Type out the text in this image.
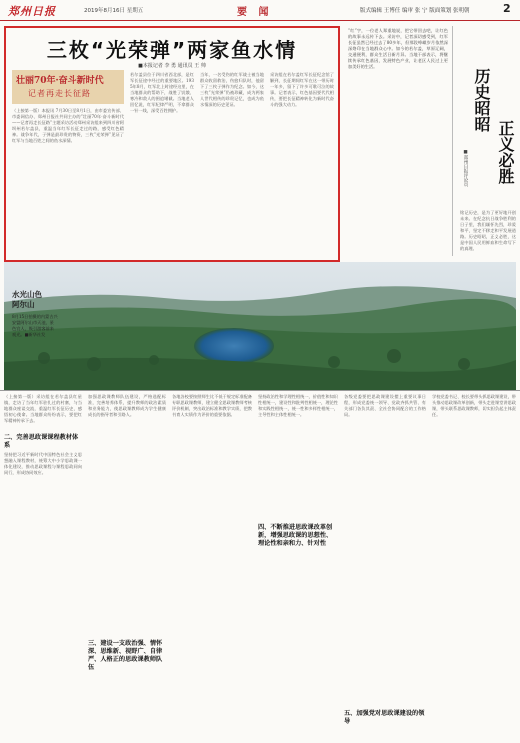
郑州日报	2019年8月16日 星期五	要 闻	版式编辑 王博任 编审 张 宁 版面策划 张明朝	2
三枚“光荣弹”两家鱼水情
■本报记者 李 勇 通讯员 王 帅
壮丽70年·奋斗新时代
记者再走长征路
（上接第一版）本报讯 7月30日至8月1日，由市委宣传部、市委网信办、郑州日报社共同主办的“壮丽70年·奋斗新时代——记者再走长征路”主题采访活动郑州采访组来到四川省阿坝州若尔盖县，重温当年红军长征走过的路，感受红色精神。战争年代，子弹是最珍贵的物资，三枚“光荣弹”见证了红军与当地百姓之间的鱼水深情。
若尔盖县位于四川省西北部，是红军长征途中经过的重要地区。1935年8月，红军北上时途经这里，在当地群众的帮助下，战胜了饥饿、寒冷和敌人的围追堵截。当地老人回忆说，红军纪律严明，不拿群众一针一线，深受百姓拥护。
当年，一名受伤的红军战士被当地群众收留救治，伤愈归队时，他留下了三枚子弹作为纪念。如今，这三枚“光荣弹”仍被珍藏，成为两家人世代相传的珍贵记忆，也成为鱼水情深的历史见证。
采访组在若尔盖红军长征纪念馆了解到，长征期间红军在这一带历时一年多，留下了许多可歌可泣的故事。记者表示，红色基因要代代相传，要把长征精神转化为新时代奋斗的强大动力。
“红”字，一位老人郑重地说，把它带回去吧，让红色的故事永远传下去。采访中，记者深切感受到，红军长征虽然已经过去了80多年，但那段峥嵘岁月依然深深烙印在当地群众心中。如今的若尔盖，草原辽阔，交通便利，群众生活日新月异。当地干部表示，将继续传承红色基因，发展特色产业，让老区人民过上更加美好的生活。
历史昭昭
正义必胜
■郑州日报评论员
铭记历史，是为了更好地开创未来。在纪念抗日战争胜利的日子里，我们缅怀先烈，珍爱和平，坚定不移走和平发展道路。历史昭昭，正义必胜，这是中国人民用鲜血和生命写下的真理。
水光山色
阿尔山
8月15日拍摄的内蒙古兴安盟阿尔山市天池，景色宜人，吸引游客前来观光。■新华社发
（上接第一版）采访组在若尔盖县红星镇，走访了当年红军驻扎过的村寨，与当地群众座谈交流，重温红军长征历史，感悟初心使命。当地群众纷纷表示，要把红军精神传承下去。
二、完善思政课课程教材体系
坚持把习近平新时代中国特色社会主义思想融入课程教材，统筹大中小学思政课一体化建设，推动思政课程与课程思政同向同行，形成协同效应。
加强思政课教师队伍建设，严格选配标准，完善培养体系，提升教师的政治素质和业务能力，使思政课教师成为学生健康成长的指导者和引路人。
三、建设一支政治强、情怀深、思维新、视野广、自律严、人格正的思政课教师队伍
各地各校要按照师生比不低于规定标准配备专职思政课教师，建立健全思政课教师考核评价机制，突出政治标准和教学实绩，把教书育人实绩作为评价的重要依据。
四、不断推进思政课改革创新，增强思政课的思想性、理论性和亲和力、针对性
坚持政治性和学理性相统一，价值性和知识性相统一，建设性和批判性相统一，理论性和实践性相统一，统一性和多样性相统一，主导性和主体性相统一。
各级党委要把思政课建设摆上重要议事日程，形成党委统一领导、党政齐抓共管、有关部门各负其责、全社会协同配合的工作格局。
五、加强党对思政课建设的领导
学校党委书记、校长要带头抓思政课建设，带头推动思政课改革创新，带头走进课堂讲思政课，带头联系思政课教师，切实担负起主体责任。
